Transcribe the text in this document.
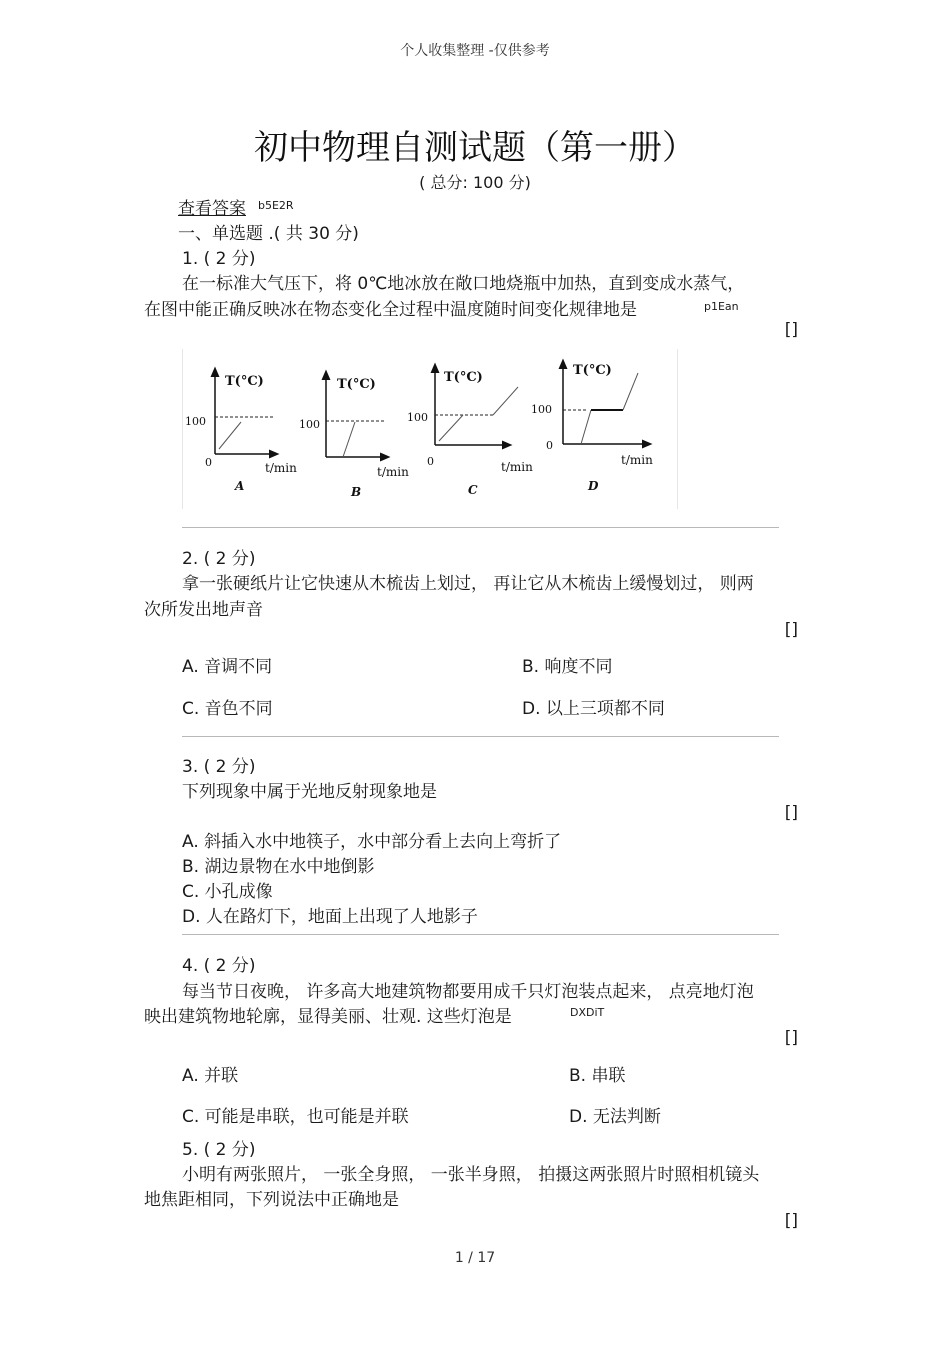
个人收集整理 -仅供参考
初中物理自测试题（第一册）
( 总分: 100 分)
查看答案 b5E2R
一、单选题 .( 共 30 分)
1. ( 2 分)
在一标准大气压下，将 0℃地冰放在敞口地烧瓶中加热，直到变成水蒸气，
在图中能正确反映冰在物态变化全过程中温度随时间变化规律地是	p1Ean
[]
T(°C)
100
0	t/min
A
T(°C)
100
t/min
B
T(°C)
100
0	t/min
C
T(°C)
100
0
t/min
D
2. ( 2 分)
拿一张硬纸片让它快速从木梳齿上划过， 再让它从木梳齿上缓慢划过， 则两
次所发出地声音
[]
A. 音调不同	B. 响度不同
C. 音色不同	D. 以上三项都不同
3. ( 2 分)
下列现象中属于光地反射现象地是
[]
A. 斜插入水中地筷子，水中部分看上去向上弯折了
B. 湖边景物在水中地倒影
C. 小孔成像
D. 人在路灯下，地面上出现了人地影子
4. ( 2 分)
每当节日夜晚， 许多高大地建筑物都要用成千只灯泡装点起来， 点亮地灯泡
映出建筑物地轮廓，显得美丽、壮观. 这些灯泡是	DXDiT
[]
A. 并联	B. 串联
C. 可能是串联，也可能是并联	D. 无法判断
5. ( 2 分)
小明有两张照片， 一张全身照， 一张半身照， 拍摄这两张照片时照相机镜头
地焦距相同，下列说法中正确地是
[]
1 / 17
